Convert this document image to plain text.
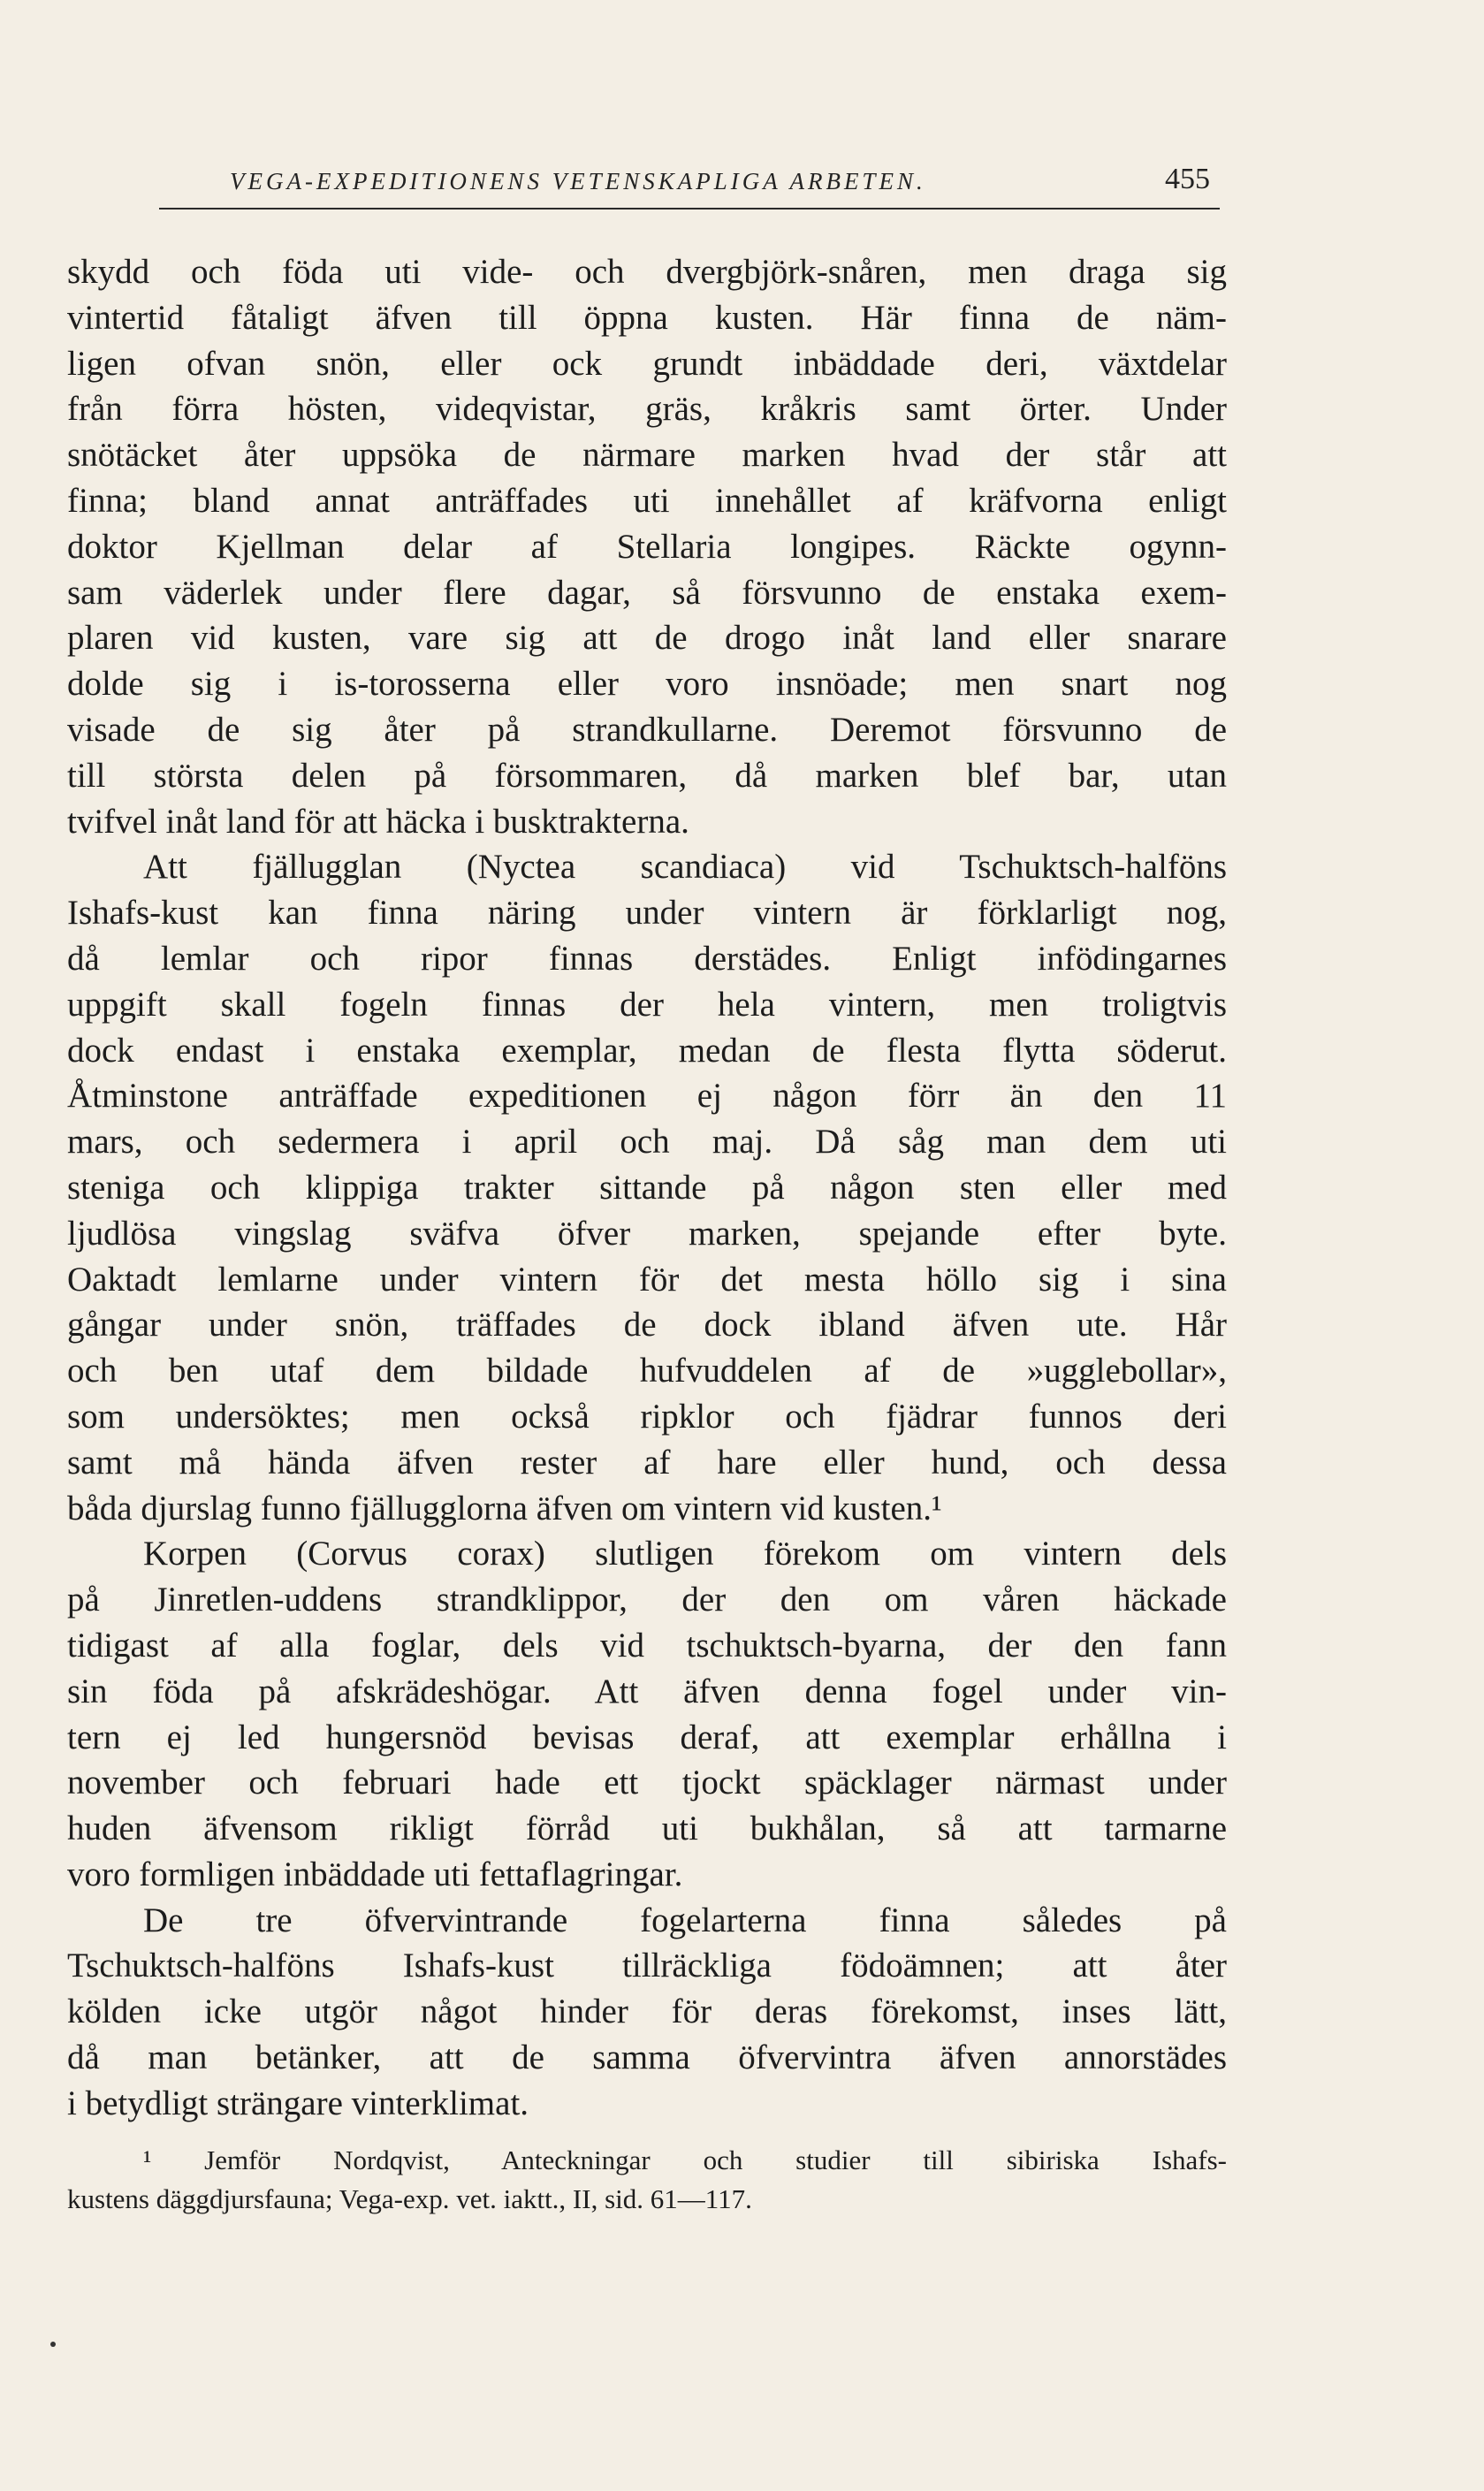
VEGA-EXPEDITIONENS VETENSKAPLIGA ARBETEN.	455
skydd och föda uti vide- och dvergbjörk-snåren, men draga sig
vintertid fåtaligt äfven till öppna kusten. Här finna de näm-
ligen ofvan snön, eller ock grundt inbäddade deri, växtdelar
från förra hösten, videqvistar, gräs, kråkris samt örter. Under
snötäcket åter uppsöka de närmare marken hvad der står att
finna; bland annat anträffades uti innehållet af kräfvorna enligt
doktor Kjellman delar af Stellaria longipes. Räckte ogynn-
sam väderlek under flere dagar, så försvunno de enstaka exem-
plaren vid kusten, vare sig att de drogo inåt land eller snarare
dolde sig i is-torosserna eller voro insnöade; men snart nog
visade de sig åter på strandkullarne. Deremot försvunno de
till största delen på försommaren, då marken blef bar, utan
tvifvel inåt land för att häcka i busktrakterna.
Att fjällugglan (Nyctea scandiaca) vid Tschuktsch-halföns
Ishafs-kust kan finna näring under vintern är förklarligt nog,
då lemlar och ripor finnas derstädes. Enligt infödingarnes
uppgift skall fogeln finnas der hela vintern, men troligtvis
dock endast i enstaka exemplar, medan de flesta flytta söderut.
Åtminstone anträffade expeditionen ej någon förr än den 11
mars, och sedermera i april och maj. Då såg man dem uti
steniga och klippiga trakter sittande på någon sten eller med
ljudlösa vingslag sväfva öfver marken, spejande efter byte.
Oaktadt lemlarne under vintern för det mesta höllo sig i sina
gångar under snön, träffades de dock ibland äfven ute. Hår
och ben utaf dem bildade hufvuddelen af de »ugglebollar»,
som undersöktes; men också ripklor och fjädrar funnos deri
samt må hända äfven rester af hare eller hund, och dessa
båda djurslag funno fjällugglorna äfven om vintern vid kusten.¹
Korpen (Corvus corax) slutligen förekom om vintern dels
på Jinretlen-uddens strandklippor, der den om våren häckade
tidigast af alla foglar, dels vid tschuktsch-byarna, der den fann
sin föda på afskrädeshögar. Att äfven denna fogel under vin-
tern ej led hungersnöd bevisas deraf, att exemplar erhållna i
november och februari hade ett tjockt späcklager närmast under
huden äfvensom rikligt förråd uti bukhålan, så att tarmarne
voro formligen inbäddade uti fettaflagringar.
De tre öfvervintrande fogelarterna finna således på
Tschuktsch-halföns Ishafs-kust tillräckliga födoämnen; att åter
kölden icke utgör något hinder för deras förekomst, inses lätt,
då man betänker, att de samma öfvervintra äfven annorstädes
i betydligt strängare vinterklimat.
¹ Jemför Nordqvist, Anteckningar och studier till sibiriska Ishafs-
kustens däggdjursfauna; Vega-exp. vet. iaktt., II, sid. 61—117.
